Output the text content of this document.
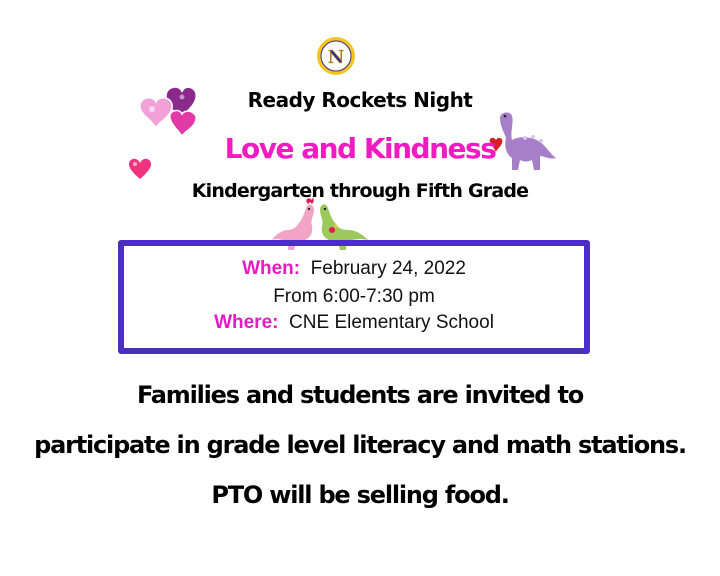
N
Ready Rockets Night
Love and Kindness
Kindergarten through Fifth Grade
When: February 24, 2022
From 6:00-7:30 pm
Where: CNE Elementary School
Families and students are invited to
participate in grade level literacy and math stations.
PTO will be selling food.
